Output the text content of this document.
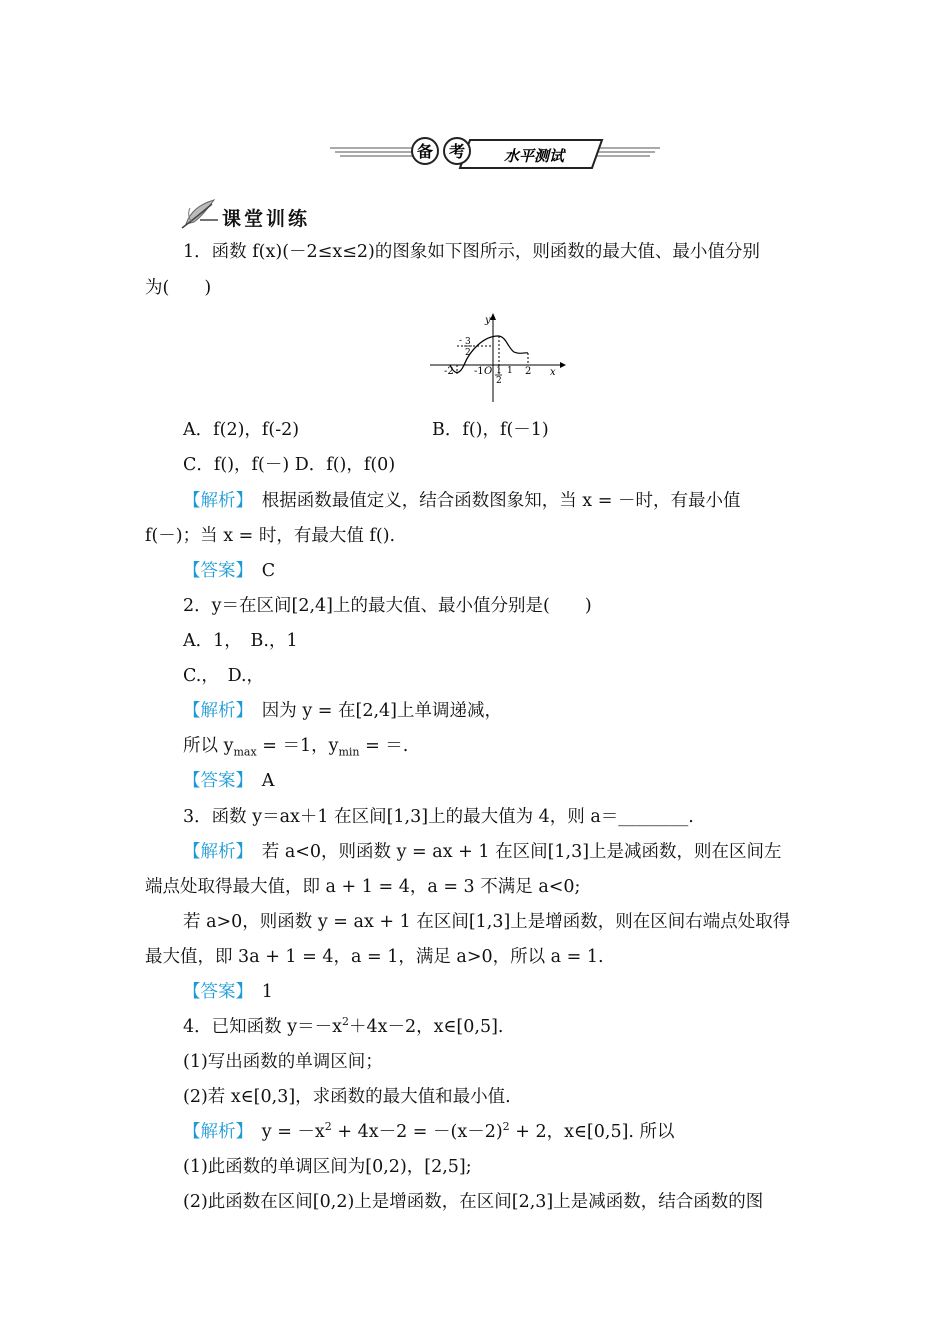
备 考	水平测试
课堂训练
1．函数 f(x)(－2≤x≤2)的图象如下图所示，则函数的最大值、最小值分别
为(　　)
y
x
- 3
2
-2 -1 O 1
2
1 2
A．f(2)，f(-2)	B．f()，f(－1)
C．f()，f(－) D．f()，f(0)
【解析】　根据函数最值定义，结合函数图象知，当 x = －时，有最小值
f(－)；当 x = 时，有最大值 f().
【答案】　C
2．y＝在区间[2,4]上的最大值、最小值分别是(　　)
A．1，　B.，1
C.，　D.，
【解析】　因为 y = 在[2,4]上单调递减，
所以 $y_{max} = =1$，$y_{min}$ = ＝.
【答案】　A
3．函数 y＝ax＋1 在区间[1,3]上的最大值为 4，则 a＝________.
【解析】　若 a<0，则函数 y = ax + 1 在区间[1,3]上是减函数，则在区间左
端点处取得最大值，即 a + 1 = 4，a = 3 不满足 a<0;
若 a>0，则函数 y = ax + 1 在区间[1,3]上是增函数，则在区间右端点处取得
最大值，即 3a + 1 = 4，a = 1，满足 a>0，所以 a = 1.
【答案】　1
4．已知函数 $y=-x^2+4x-2$，x∈[0,5].
(1)写出函数的单调区间；
(2)若 x∈[0,3]，求函数的最大值和最小值.
【解析】　$y = -x^2 + 4x-2 = -(x-2)^2 + 2$，x∈[0,5]. 所以
(1)此函数的单调区间为[0,2)，[2,5];
(2)此函数在区间[0,2)上是增函数，在区间[2,3]上是减函数，结合函数的图
